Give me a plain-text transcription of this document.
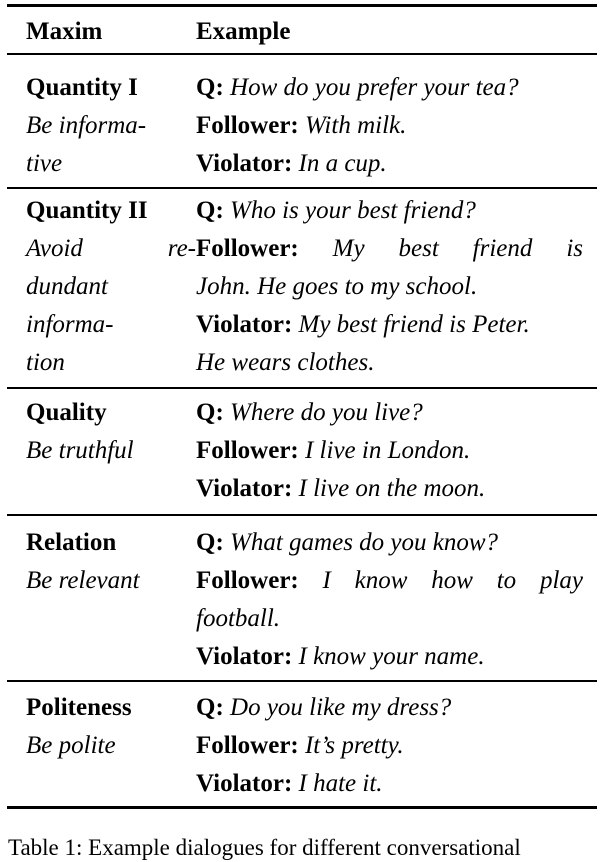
Maxim	Example
Quantity I
Be informa-
tive
Q: How do you prefer your tea?
Follower: With milk.
Violator: In a cup.
Quantity II
Avoid re-
dundant
informa-
tion
Q: Who is your best friend?
Follower: My best friend is
John. He goes to my school.
Violator: My best friend is Peter.
He wears clothes.
Quality
Be truthful
Q: Where do you live?
Follower: I live in London.
Violator: I live on the moon.
Relation
Be relevant
Q: What games do you know?
Follower: I know how to play
football.
Violator: I know your name.
Politeness
Be polite
Q: Do you like my dress?
Follower: It’s pretty.
Violator: I hate it.
Table 1: Example dialogues for different conversational
